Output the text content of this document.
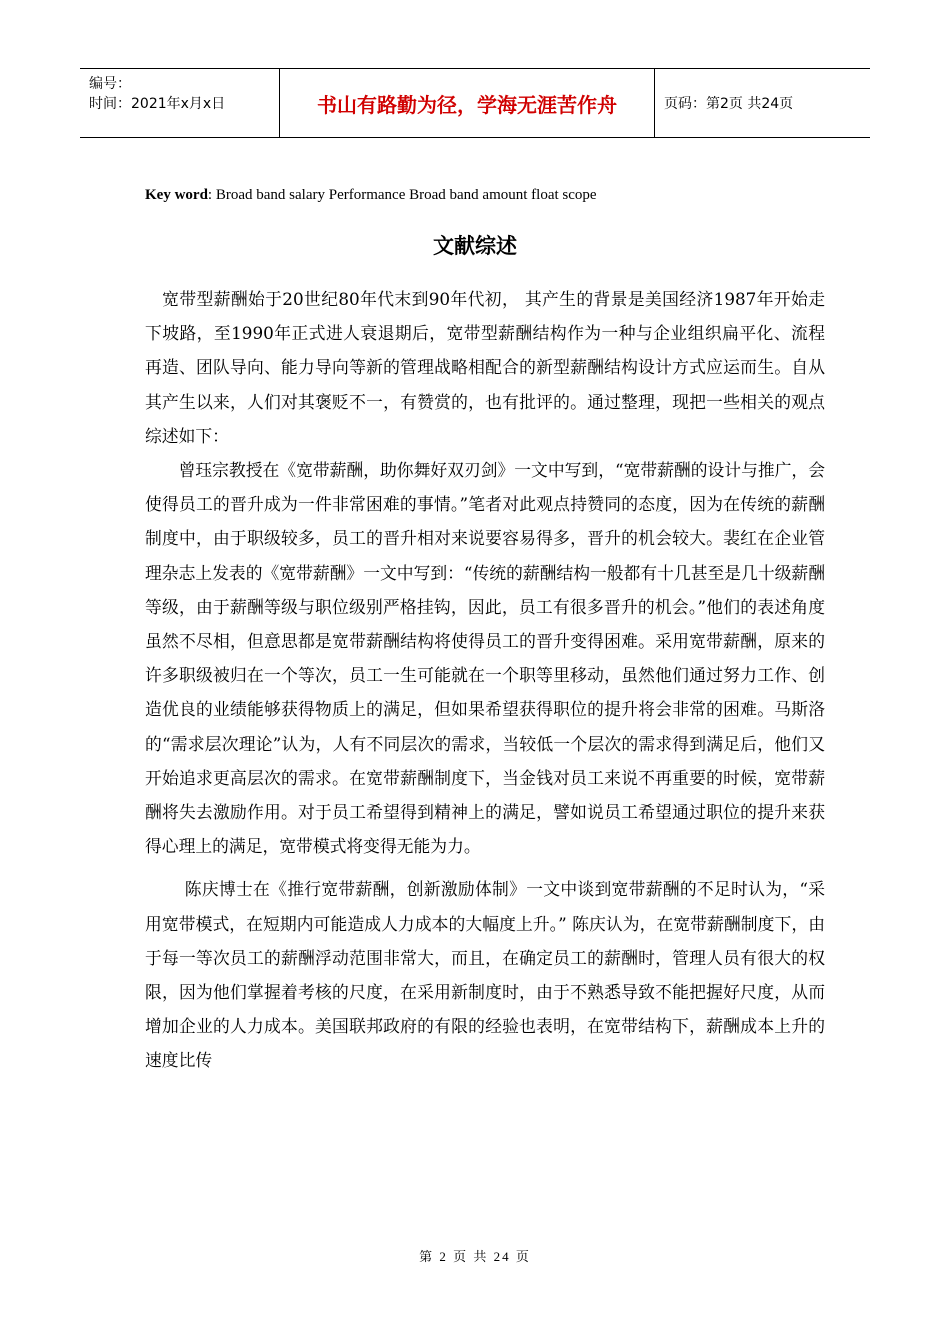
编号：
时间：2021年x月x日	书山有路勤为径，学海无涯苦作舟	页码：第2页 共24页
Key word: Broad band salary Performance Broad band amount float scope
文献综述

　宽带型薪酬始于20世纪80年代末到90年代初， 其产生的背景是美国经济1987年开始走下坡路，至1990年正式进人衰退期后，宽带型薪酬结构作为一种与企业组织扁平化、流程再造、团队导向、能力导向等新的管理战略相配合的新型薪酬结构设计方式应运而生。自从其产生以来，人们对其褒贬不一，有赞赏的，也有批评的。通过整理，现把一些相关的观点综述如下：

　　曾珏宗教授在《宽带薪酬，助你舞好双刃剑》一文中写到，“宽带薪酬的设计与推广，会使得员工的晋升成为一件非常困难的事情。”笔者对此观点持赞同的态度，因为在传统的薪酬制度中，由于职级较多，员工的晋升相对来说要容易得多，晋升的机会较大。裴红在企业管理杂志上发表的《宽带薪酬》一文中写到：“传统的薪酬结构一般都有十几甚至是几十级薪酬等级，由于薪酬等级与职位级别严格挂钩，因此，员工有很多晋升的机会。”他们的表述角度虽然不尽相，但意思都是宽带薪酬结构将使得员工的晋升变得困难。采用宽带薪酬，原来的许多职级被归在一个等次，员工一生可能就在一个职等里移动，虽然他们通过努力工作、创造优良的业绩能够获得物质上的满足，但如果希望获得职位的提升将会非常的困难。马斯洛的“需求层次理论”认为，人有不同层次的需求，当较低一个层次的需求得到满足后，他们又开始追求更高层次的需求。在宽带薪酬制度下，当金钱对员工来说不再重要的时候，宽带薪酬将失去激励作用。对于员工希望得到精神上的满足，譬如说员工希望通过职位的提升来获得心理上的满足，宽带模式将变得无能为力。

　　 陈庆博士在《推行宽带薪酬，创新激励体制》一文中谈到宽带薪酬的不足时认为，“采用宽带模式，在短期内可能造成人力成本的大幅度上升。” 陈庆认为，在宽带薪酬制度下，由于每一等次员工的薪酬浮动范围非常大，而且，在确定员工的薪酬时，管理人员有很大的权限，因为他们掌握着考核的尺度，在采用新制度时，由于不熟悉导致不能把握好尺度，从而增加企业的人力成本。美国联邦政府的有限的经验也表明，在宽带结构下，薪酬成本上升的速度比传

第 2 页 共 24 页
